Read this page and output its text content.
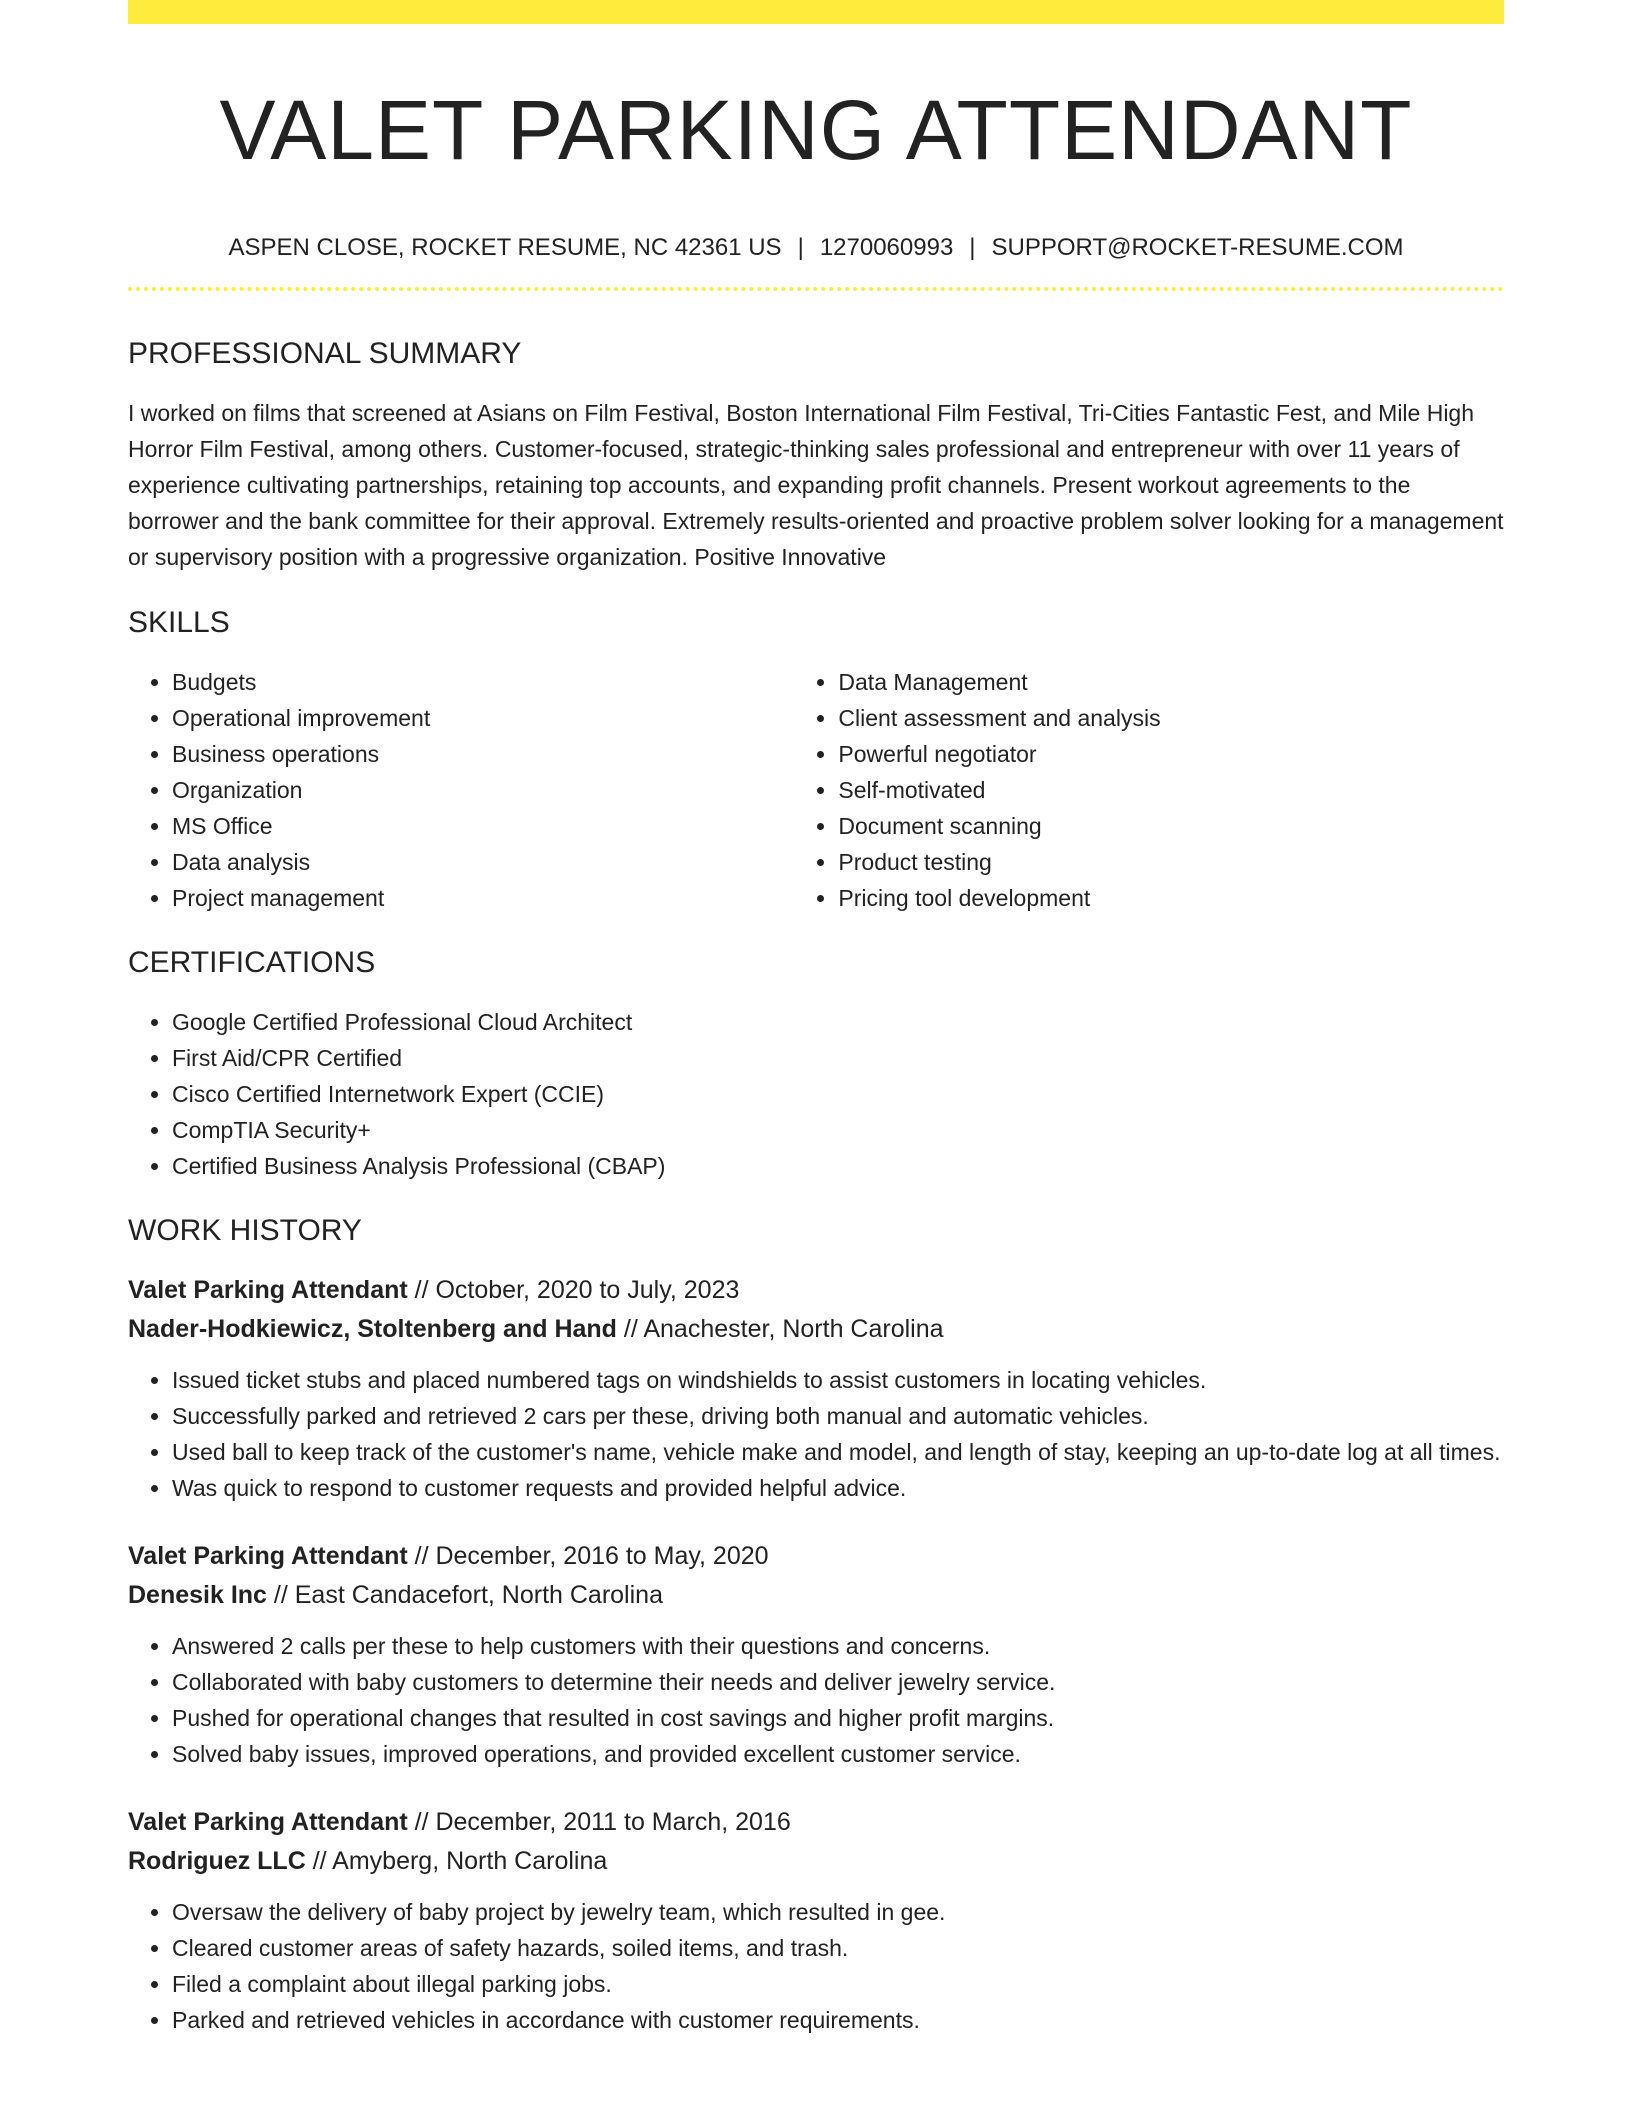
VALET PARKING ATTENDANT
ASPEN CLOSE, ROCKET RESUME, NC 42361 US | 1270060993 | SUPPORT@ROCKET-RESUME.COM
PROFESSIONAL SUMMARY
I worked on films that screened at Asians on Film Festival, Boston International Film Festival, Tri-Cities Fantastic Fest, and Mile High Horror Film Festival, among others. Customer-focused, strategic-thinking sales professional and entrepreneur with over 11 years of experience cultivating partnerships, retaining top accounts, and expanding profit channels. Present workout agreements to the borrower and the bank committee for their approval. Extremely results-oriented and proactive problem solver looking for a management or supervisory position with a progressive organization. Positive Innovative
SKILLS
• Budgets
• Operational improvement
• Business operations
• Organization
• MS Office
• Data analysis
• Project management
• Data Management
• Client assessment and analysis
• Powerful negotiator
• Self-motivated
• Document scanning
• Product testing
• Pricing tool development
CERTIFICATIONS
• Google Certified Professional Cloud Architect
• First Aid/CPR Certified
• Cisco Certified Internetwork Expert (CCIE)
• CompTIA Security+
• Certified Business Analysis Professional (CBAP)
WORK HISTORY
Valet Parking Attendant // October, 2020 to July, 2023
Nader-Hodkiewicz, Stoltenberg and Hand // Anachester, North Carolina
• Issued ticket stubs and placed numbered tags on windshields to assist customers in locating vehicles.
• Successfully parked and retrieved 2 cars per these, driving both manual and automatic vehicles.
• Used ball to keep track of the customer's name, vehicle make and model, and length of stay, keeping an up-to-date log at all times.
• Was quick to respond to customer requests and provided helpful advice.
Valet Parking Attendant // December, 2016 to May, 2020
Denesik Inc // East Candacefort, North Carolina
• Answered 2 calls per these to help customers with their questions and concerns.
• Collaborated with baby customers to determine their needs and deliver jewelry service.
• Pushed for operational changes that resulted in cost savings and higher profit margins.
• Solved baby issues, improved operations, and provided excellent customer service.
Valet Parking Attendant // December, 2011 to March, 2016
Rodriguez LLC // Amyberg, North Carolina
• Oversaw the delivery of baby project by jewelry team, which resulted in gee.
• Cleared customer areas of safety hazards, soiled items, and trash.
• Filed a complaint about illegal parking jobs.
• Parked and retrieved vehicles in accordance with customer requirements.
